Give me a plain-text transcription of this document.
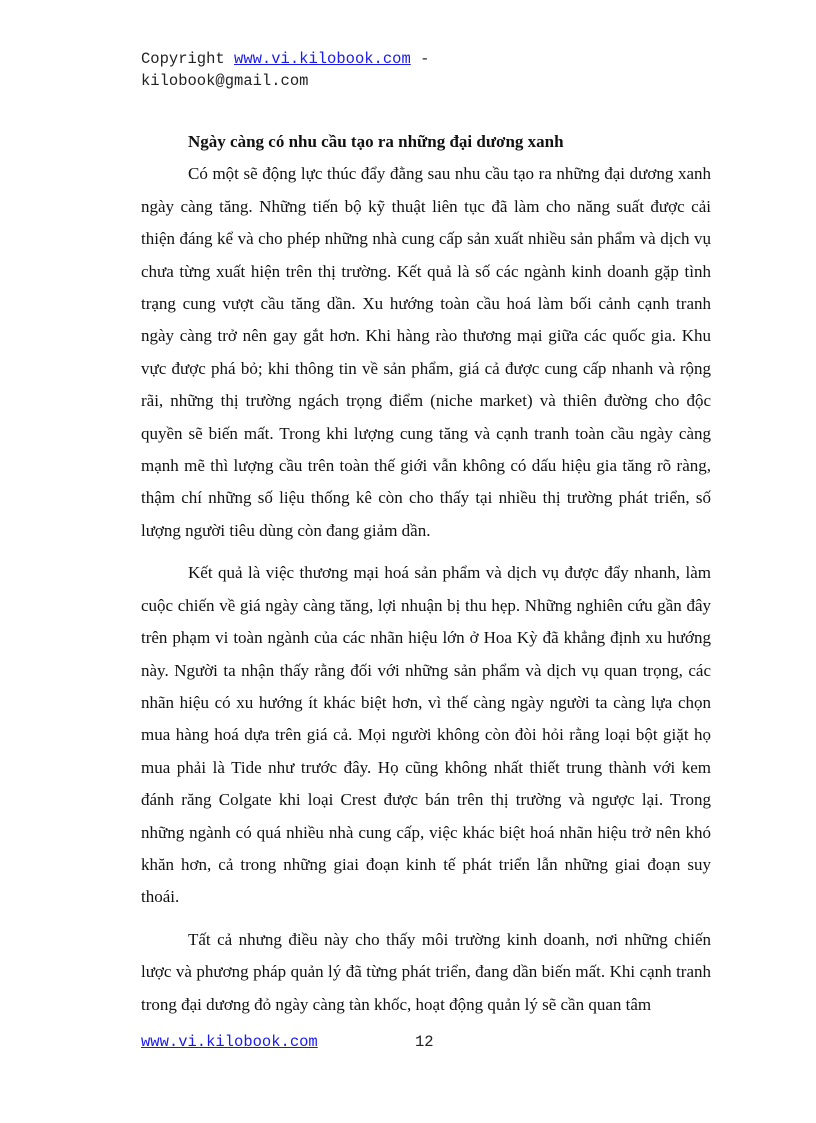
Copyright www.vi.kilobook.com -
kilobook@gmail.com

Ngày càng có nhu cầu tạo ra những đại dương xanh

Có một sẽ động lực thúc đẩy đằng sau nhu cầu tạo ra những đại dương xanh ngày càng tăng. Những tiến bộ kỹ thuật liên tục đã làm cho năng suất được cải thiện đáng kể và cho phép những nhà cung cấp sản xuất nhiều sản phẩm và dịch vụ chưa từng xuất hiện trên thị trường. Kết quả là số các ngành kinh doanh gặp tình trạng cung vượt cầu tăng dần. Xu hướng toàn cầu hoá làm bối cảnh cạnh tranh ngày càng trở nên gay gắt hơn. Khi hàng rào thương mại giữa các quốc gia. Khu vực được phá bỏ; khi thông tin về sản phẩm, giá cả được cung cấp nhanh và rộng rãi, những thị trường ngách trọng điểm (niche market) và thiên đường cho độc quyền sẽ biến mất. Trong khi lượng cung tăng và cạnh tranh toàn cầu ngày càng mạnh mẽ thì lượng cầu trên toàn thế giới vẫn không có dấu hiệu gia tăng rõ ràng, thậm chí những số liệu thống kê còn cho thấy tại nhiều thị trường phát triển, số lượng người tiêu dùng còn đang giảm dần.

Kết quả là việc thương mại hoá sản phẩm và dịch vụ được đẩy nhanh, làm cuộc chiến về giá ngày càng tăng, lợi nhuận bị thu hẹp. Những nghiên cứu gần đây trên phạm vi toàn ngành của các nhãn hiệu lớn ở Hoa Kỳ đã khẳng định xu hướng này. Người ta nhận thấy rằng đối với những sản phẩm và dịch vụ quan trọng, các nhãn hiệu có xu hướng ít khác biệt hơn, vì thế càng ngày người ta càng lựa chọn mua hàng hoá dựa trên giá cả. Mọi người không còn đòi hỏi rằng loại bột giặt họ mua phải là Tide như trước đây. Họ cũng không nhất thiết trung thành với kem đánh răng Colgate khi loại Crest được bán trên thị trường và ngược lại. Trong những ngành có quá nhiều nhà cung cấp, việc khác biệt hoá nhãn hiệu trở nên khó khăn hơn, cả trong những giai đoạn kinh tế phát triển lẫn những giai đoạn suy thoái.

Tất cả nhưng điều này cho thấy môi trường kinh doanh, nơi những chiến lược và phương pháp quản lý đã từng phát triển, đang dần biến mất. Khi cạnh tranh trong đại dương đỏ ngày càng tàn khốc, hoạt động quản lý sẽ cần quan tâm

www.vi.kilobook.com	12
